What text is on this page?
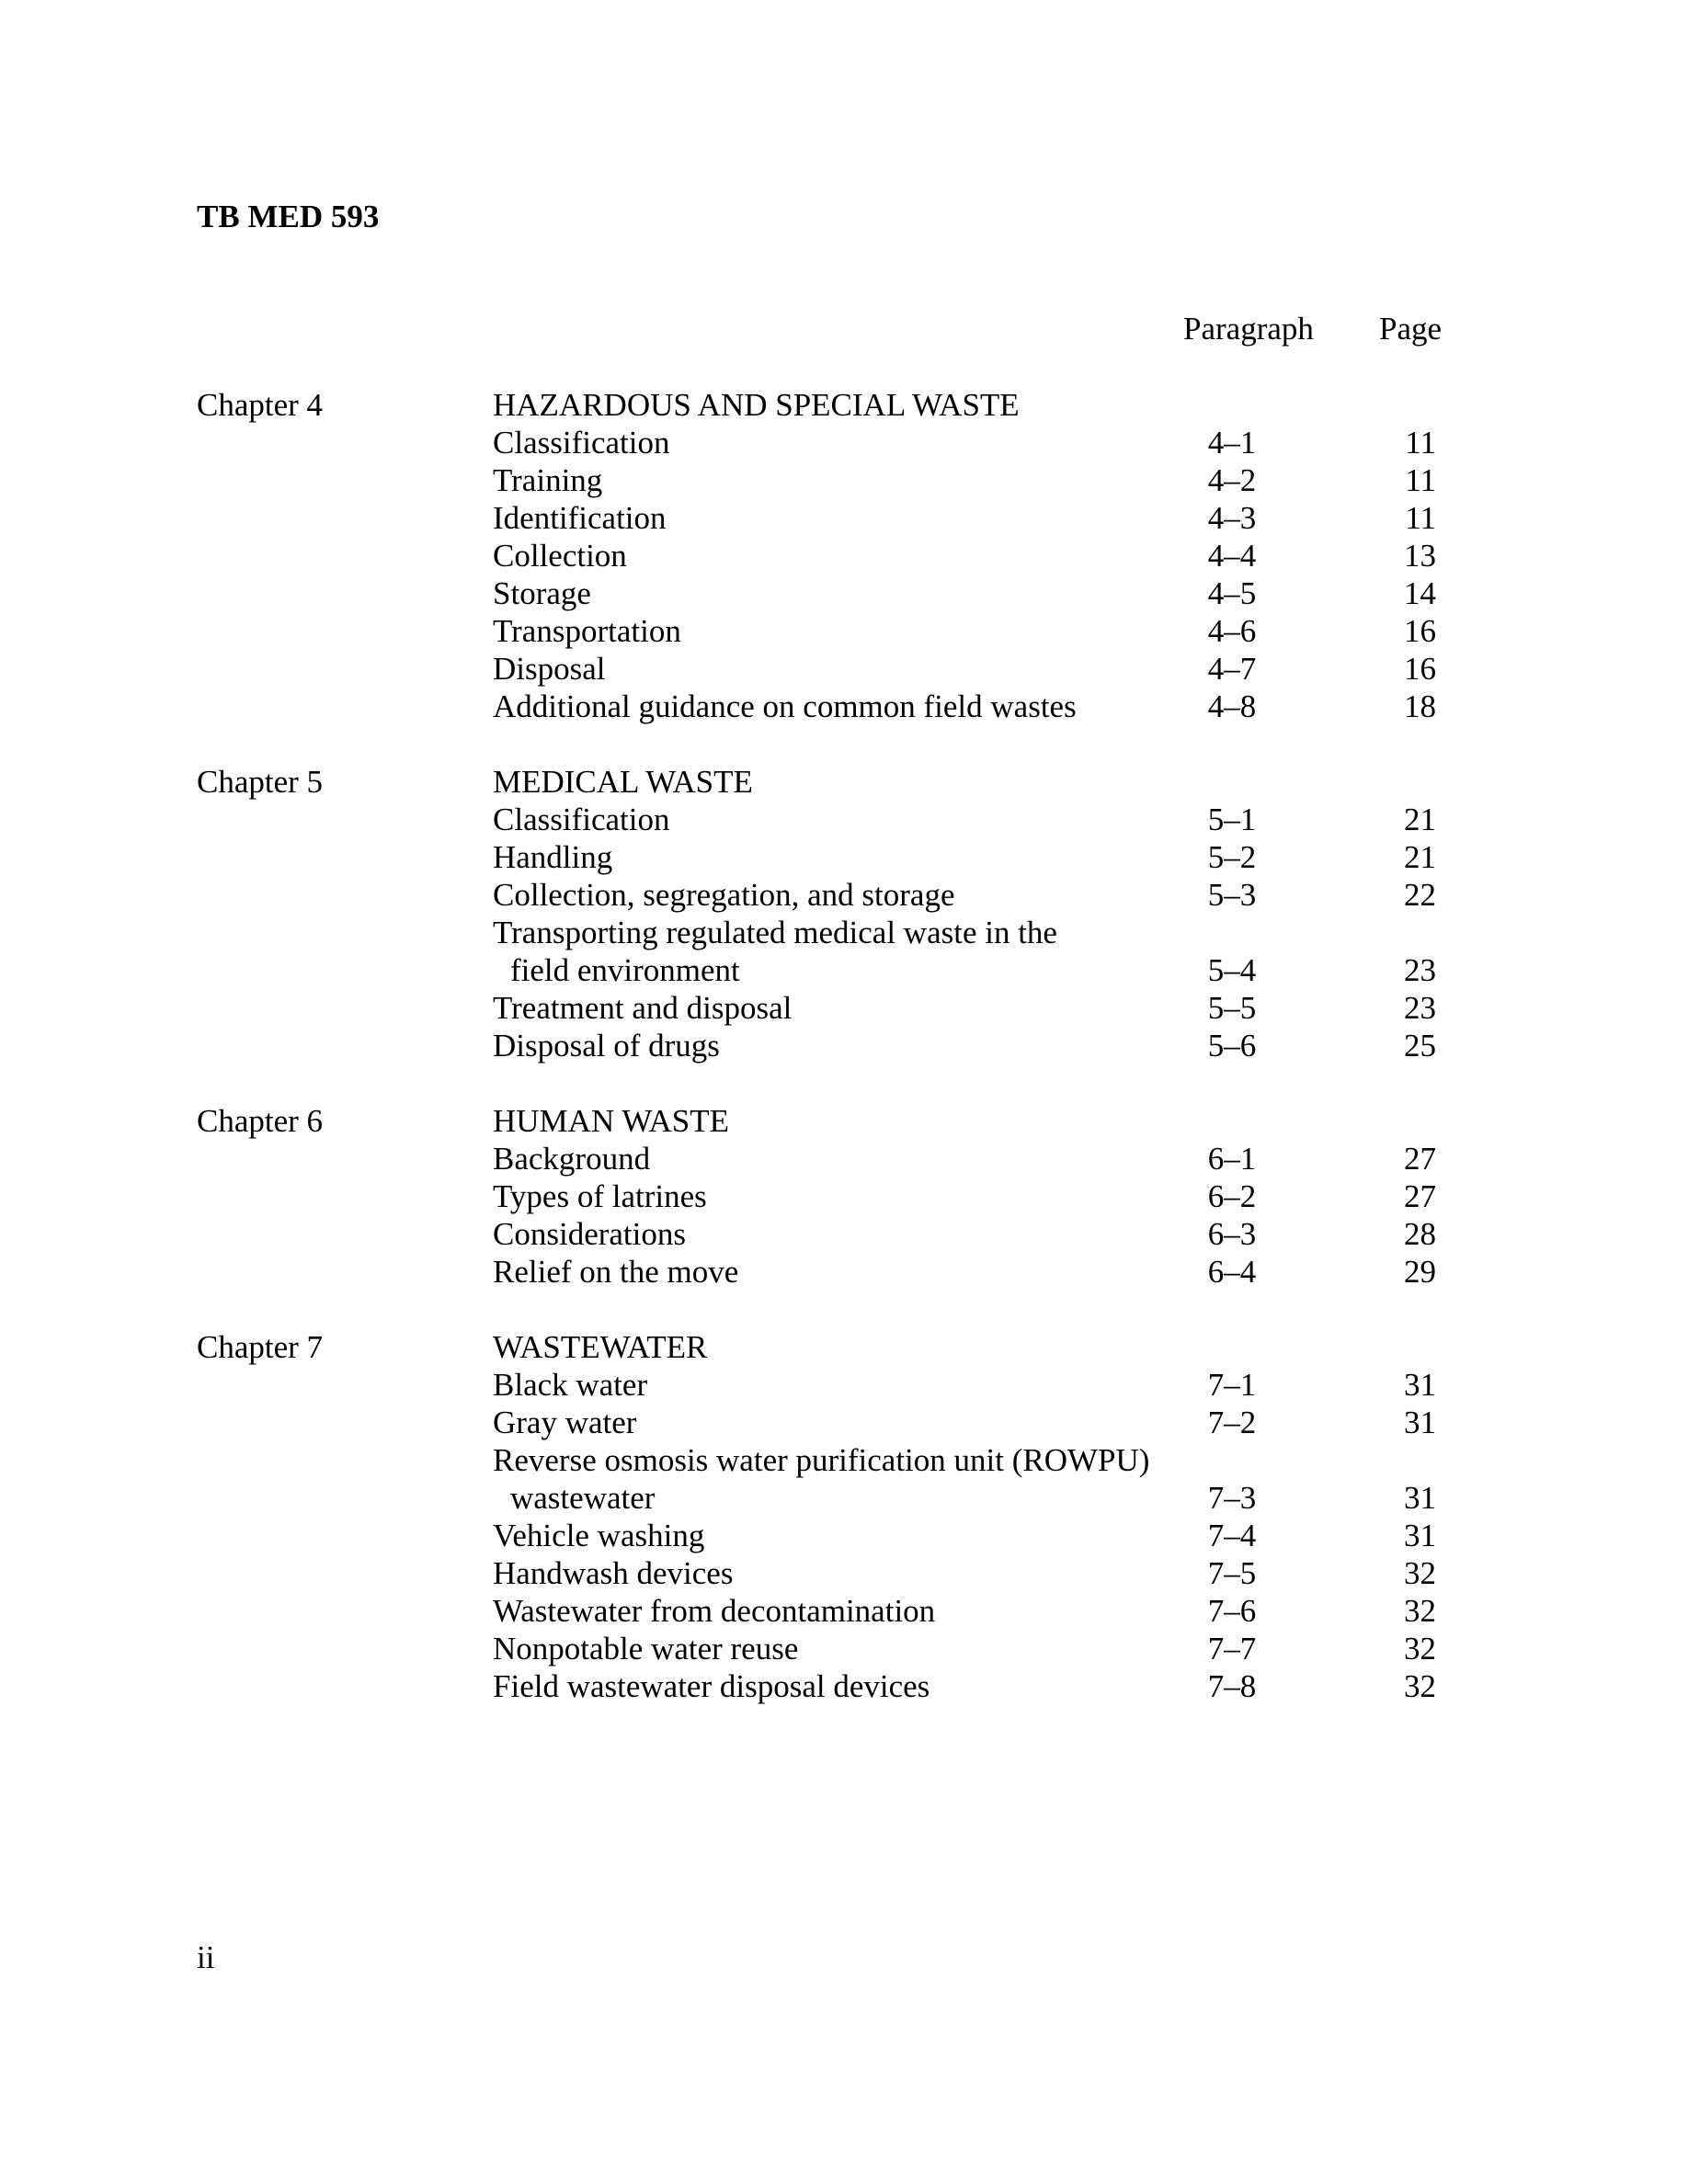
TB MED 593
Paragraph Page
Chapter 4	HAZARDOUS AND SPECIAL WASTE
Classification	4–1	11
Training	4–2	11
Identification	4–3	11
Collection	4–4	13
Storage	4–5	14
Transportation	4–6	16
Disposal	4–7	16
Additional guidance on common field wastes	4–8	18
Chapter 5	MEDICAL WASTE
Classification	5–1	21
Handling	5–2	21
Collection, segregation, and storage	5–3	22
Transporting regulated medical waste in the
field environment	5–4	23
Treatment and disposal	5–5	23
Disposal of drugs	5–6	25
Chapter 6	HUMAN WASTE
Background	6–1	27
Types of latrines	6–2	27
Considerations	6–3	28
Relief on the move	6–4	29
Chapter 7	WASTEWATER
Black water	7–1	31
Gray water	7–2	31
Reverse osmosis water purification unit (ROWPU)
wastewater	7–3	31
Vehicle washing	7–4	31
Handwash devices	7–5	32
Wastewater from decontamination	7–6	32
Nonpotable water reuse	7–7	32
Field wastewater disposal devices	7–8	32
ii
